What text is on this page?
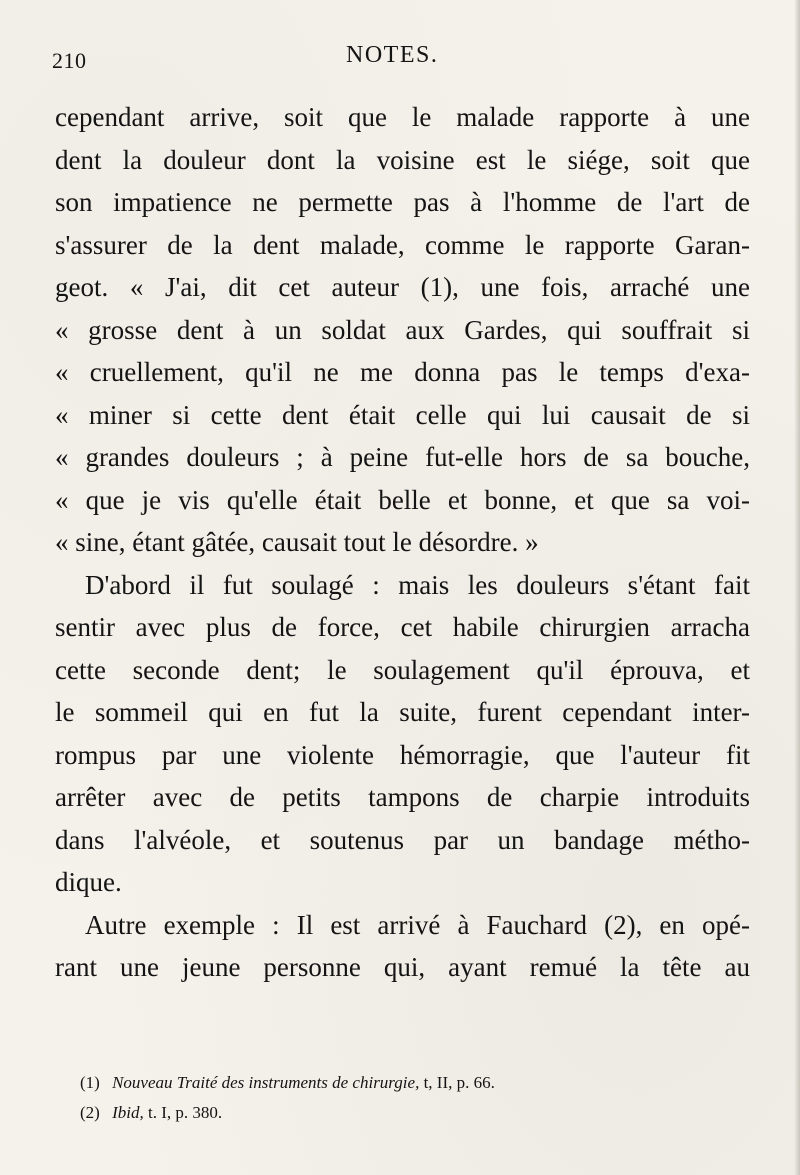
210	NOTES.
cependant arrive, soit que le malade rapporte à une
dent la douleur dont la voisine est le siége, soit que
son impatience ne permette pas à l'homme de l'art de
s'assurer de la dent malade, comme le rapporte Garan-
geot. « J'ai, dit cet auteur (1), une fois, arraché une
« grosse dent à un soldat aux Gardes, qui souffrait si
« cruellement, qu'il ne me donna pas le temps d'exa-
« miner si cette dent était celle qui lui causait de si
« grandes douleurs ; à peine fut-elle hors de sa bouche,
« que je vis qu'elle était belle et bonne, et que sa voi-
« sine, étant gâtée, causait tout le désordre. »
D'abord il fut soulagé : mais les douleurs s'étant fait
sentir avec plus de force, cet habile chirurgien arracha
cette seconde dent; le soulagement qu'il éprouva, et
le sommeil qui en fut la suite, furent cependant inter-
rompus par une violente hémorragie, que l'auteur fit
arrêter avec de petits tampons de charpie introduits
dans l'alvéole, et soutenus par un bandage métho-
dique.
Autre exemple : Il est arrivé à Fauchard (2), en opé-
rant une jeune personne qui, ayant remué la tête au
(1) Nouveau Traité des instruments de chirurgie, t, II, p. 66.
(2) Ibid, t. I, p. 380.
